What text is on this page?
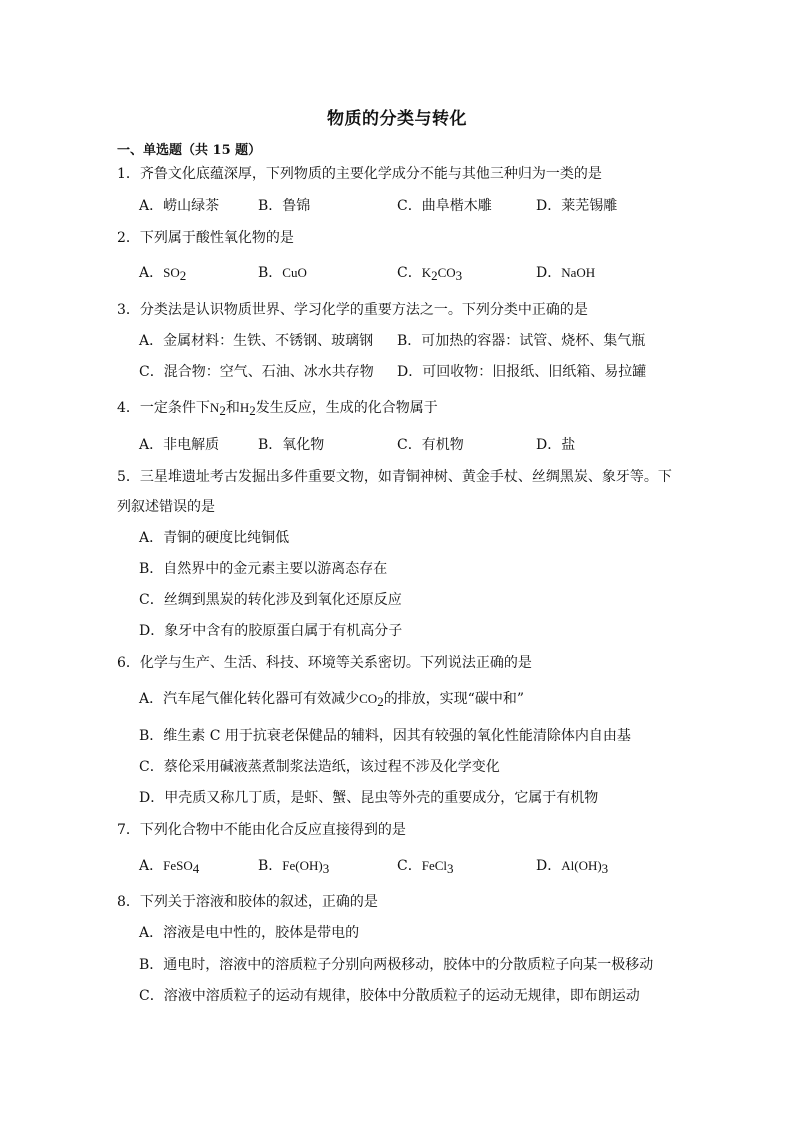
物质的分类与转化
一、单选题（共 15 题）
1．齐鲁文化底蕴深厚，下列物质的主要化学成分不能与其他三种归为一类的是
A．崂山绿茶	B．鲁锦	C．曲阜楷木雕	D．莱芜锡雕
2．下列属于酸性氧化物的是
A．$SO_2$	B．CuO	C．$K_2CO_3$	D．NaOH
3．分类法是认识物质世界、学习化学的重要方法之一。下列分类中正确的是
A．金属材料：生铁、不锈钢、玻璃钢 B．可加热的容器：试管、烧杯、集气瓶
C．混合物：空气、石油、冰水共存物 D．可回收物：旧报纸、旧纸箱、易拉罐
4．一定条件下$N_2$和$H_2$发生反应，生成的化合物属于
A．非电解质	B．氧化物	C．有机物	D．盐
5．三星堆遗址考古发掘出多件重要文物，如青铜神树、黄金手杖、丝绸黑炭、象牙等。下
列叙述错误的是
A．青铜的硬度比纯铜低
B．自然界中的金元素主要以游离态存在
C．丝绸到黑炭的转化涉及到氧化还原反应
D．象牙中含有的胶原蛋白属于有机高分子
6．化学与生产、生活、科技、环境等关系密切。下列说法正确的是
A．汽车尾气催化转化器可有效减少$CO_2$的排放，实现“碳中和”
B．维生素 C 用于抗衰老保健品的辅料，因其有较强的氧化性能清除体内自由基
C．蔡伦采用碱液蒸煮制浆法造纸，该过程不涉及化学变化
D．甲壳质又称几丁质，是虾、蟹、昆虫等外壳的重要成分，它属于有机物
7．下列化合物中不能由化合反应直接得到的是
A．FeSO$_4$	B．$Fe(OH)_3$	C．FeCl$_3$	D．$Al(OH)_3$
8．下列关于溶液和胶体的叙述，正确的是
A．溶液是电中性的，胶体是带电的
B．通电时，溶液中的溶质粒子分别向两极移动，胶体中的分散质粒子向某一极移动
C．溶液中溶质粒子的运动有规律，胶体中分散质粒子的运动无规律，即布朗运动
